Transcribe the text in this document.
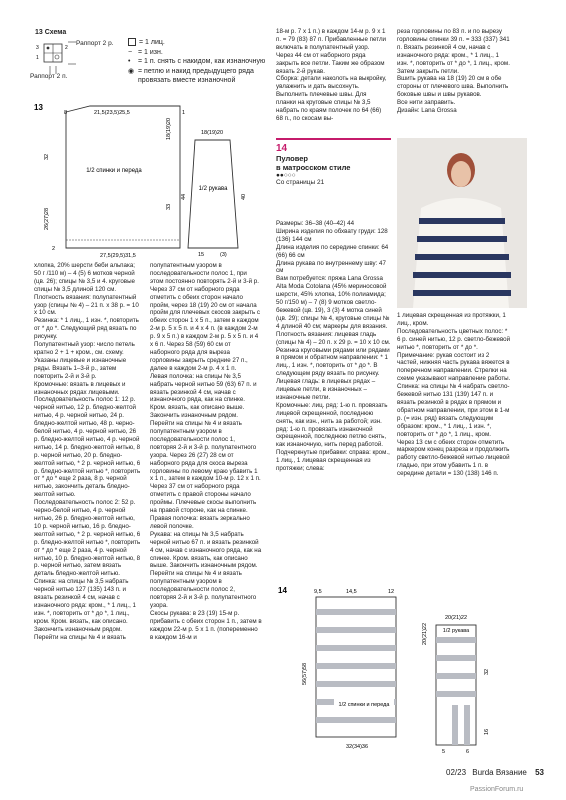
13 Схема
3
1
2
Раппорт 2 р.
Раппорт 2 п.
= 1 лиц.
− = 1 изн.
• = 1 п. снять с накидом, как изнаночную
◉ = петлю и накид предыдущего ряда провязать вместе изнаночной
13
1/2 спинки и переда
21,5(23,5)25,5
8	1
32
26(27)28
2
27,5(29,5)31,5
18(19)20
33
18(19)20
1/2 рукава
44	40
15	(3)

хлопка, 20% шерсти беби альпака; 50 г /110 м) – 4 (5) 6 мотков черной (цв. 26); спицы № 3,5 и 4. круговые спицы № 3,5 длиной 120 см.
Плотность вязания: полупатентный узор (спицы № 4) – 21 п. x 38 р. = 10 x 10 см.
Резинка: * 1 лиц., 1 изн. *, повторить от * до *. Следующий ряд вязать по рисунку.
Полупатентный узор: число петель кратно 2 + 1 + кром., см. схему. Указаны лицевые и изнаночные ряды. Вязать 1–3-й р., затем повторить 2-й и 3-й р.
Кромочные: вязать в лицевых и изнаночных рядах лицевыми.
Последовательность полос 1: 12 р. черной нитью, 12 р. бледно-желтой нитью, 4 р. черной нитью, 24 р. бледно-желтой нитью, 48 р. черно-белой нитью, 4 р. черной нитью, 26 р. бледно-желтой нитью, 4 р. черной нитью, 14 р. бледно-желтой нитью, 8 р. черной нитью, 20 р. бледно-желтой нитью, * 2 р. черной нитью, 6 р. бледно-желтой нитью *, повторить от * до * еще 2 раза, 8 р. черной нитью, закончить деталь бледно-желтой нитью.
Последовательность полос 2: 52 р. черно-белой нитью, 4 р. черной нитью, 26 р. бледно-желтой нитью, 10 р. черной нитью, 16 р. бледно-желтой нитью, * 2 р. черной нитью, 6 р. бледно-желтой нитью *, повторить от * до * еще 2 раза, 4 р. черной нитью, 10 р. бледно-желтой нитью, 8 р. черной нитью, затем вязать деталь бледно-желтой нитью.
Спинка: на спицы № 3,5 набрать черной нитью 127 (135) 143 п. и вязать резинкой 4 см, начав с изнаночного ряда: кром., * 1 лиц., 1 изн. *, повторить от * до *, 1 лиц., кром. Крoм. вязать, как описано. Закончить изнаночным рядом. Перейти на спицы № 4 и вязать

полупатентным узором в последовательности полос 1, при этом постоянно повторять 2-й и 3-й р. Через 37 см от наборного ряда отметить с обеих сторон начало пройм, через 18 (19) 20 см от начала пройм для плечевых скосов закрыть с обеих сторон 1 x 5 п., затем в каждом 2-м р. 5 x 5 п. и 4 x 4 п. (в каждом 2-м р. 9 x 5 п.) в каждом 2-м р. 5 x 5 п. и 4 x 6 п. Через 58 (59) 60 см от наборного ряда для вырезa горловины закрыть средние 27 п., далее в каждом 2-м р. 4 x 1 п.
Левая полочка: на спицы № 3,5 набрать черной нитью 59 (63) 67 п. и вязать резинкой 4 см, начав с изнаночного ряда, как на спинке. Кром. вязать, как описано выше. Закончить изнаночным рядом.
Перейти на спицы № 4 и вязать полупатентным узором в последовательности полос 1, повторяя 2-й и 3-й р. полупатентного узора. Через 26 (27) 28 см от наборного ряда для скоса выреза горловины по левому краю убавить 1 x 1 п., затем в каждом 10-м р. 12 x 1 п. Через 37 см от наборного ряда отметить с правой стороны начало проймы. Плечевые скосы выполнить на правой стороне, как на спинке.
Правая полочка: вязать зеркально левой полочке.
Рукава: на спицы № 3,5 набрать черной нитью 67 п. и вязать резинкой 4 см, начав с изнаночного ряда, как на спинке. Кром. вязать, как описано выше. Закончить изнаночным рядом. Перейти на спицы № 4 и вязать полупатентным узором в последовательности полос 2, повторяя 2-й и 3-й р. полупатентного узора.
Скосы рукава: в 23 (19) 15-м р. прибавить с обеих сторон 1 п., затем в каждом 22-м р. 5 x 1 п. (попеременно в каждом 16-м и

18-м р. 7 x 1 п.) в каждом 14-м р. 9 x 1 п. = 79 (83) 87 п. Прибавленные петли включать в полупатентный узор. Через 44 см от наборного ряда закрыть все петли. Таким же образом вязать 2-й рукав.
Сборка: детали наколоть на выкройку, увлажнить и дать высохнуть. Выполнить плечевые швы. Для планки на круговые спицы № 3,5 набрать по краям полочек по 64 (66) 68 п., по скосам вы-

реза горловины по 83 п. и по вырезу горловины спинки 39 п. = 333 (337) 341 п. Вязать резинкой 4 см, начав с изнаночного ряда: кром., * 1 лиц., 1 изн. *, повторить от * до *, 1 лиц., кром. Затем закрыть петли.
Вшить рукава на 18 (19) 20 см в обе стороны от плечевого шва. Выполнить боковые швы и швы рукавов.
Все нити заправить.
Дизайн: Lana Grossa

14
Пуловер
в матросском стиле
●●○○○
Со страницы 21

Размеры: 36–38 (40–42) 44
Ширина изделия по обхвату груди: 128 (136) 144 см
Длина изделия по середине спинки: 64 (66) 66 см
Длина рукава по внутреннему шву: 47 см
Вам потребуется: пряжа Lana Grossa Alta Moda Cotolana (45% мериносовой шерсти, 45% хлопка, 10% полиамида; 50 г/150 м) – 7 (8) 9 мотков светло-бежевой (цв. 19), 3 (3) 4 мотка синей (цв. 29); спицы № 4, круговые спицы № 4 длиной 40 см; маркеры для вязания.
Плотность вязания: лицевая гладь (спицы № 4) – 20 п. x 29 р. = 10 x 10 см.
Резинка круговыми рядами или рядами в прямом и обратном направлении: * 1 лиц., 1 изн. *, повторить от * до *. В следующем ряду вязать по рисунку.
Лицевая гладь: в лицевых рядах – лицевые петли, в изнаночных – изнаночные петли.
Кромочные: лиц. ряд: 1-ю п. провязать лицевой скрещенной, последнюю снять, как изн., нить за работой; изн. ряд: 1-ю п. провязать изнаночной скрещенной, последнюю петлю снять, как изнаночную, нить перед работой.
Подчеркнутые прибавки: справа: кром., 1 лиц., 1 лицевая скрещенная из протяжки; слева:

1 лицевая скрещенная из протяжки, 1 лиц., кром.
Последовательность цветных полос: * 6 р. синей нитью, 12 р. светло-бежевой нитью *, повторить от * до *.
Примечание: рукав состоит из 2 частей, нижняя часть рукава вяжется в поперечном направлении. Стрелки на схеме указывают направление работы.
Спинка: на спицы № 4 набрать светло-бежевой нитью 131 (139) 147 п. и вязать резинкой в рядах в прямом и обратном направлении, при этом в 1-м р. (= изн. ряд) вязать следующим образом: кром., * 1 лиц., 1 изн. *, повторить от * до *, 1 лиц., кром.
Через 13 см с обеих сторон отметить маркером конец разреза и продолжить работу светло-бежевой нитью лицевой гладью, при этом убавить 1 п. в середине детали = 130 (138) 146 п.

14
1/2 спинки и переда
9,5	14,5	12
56(57)58
32(34)36
20(21)22
1/2 рукава
32
16
20(21)22
5	6
02/23 Burda Вязание 53
PassionForum.ru
